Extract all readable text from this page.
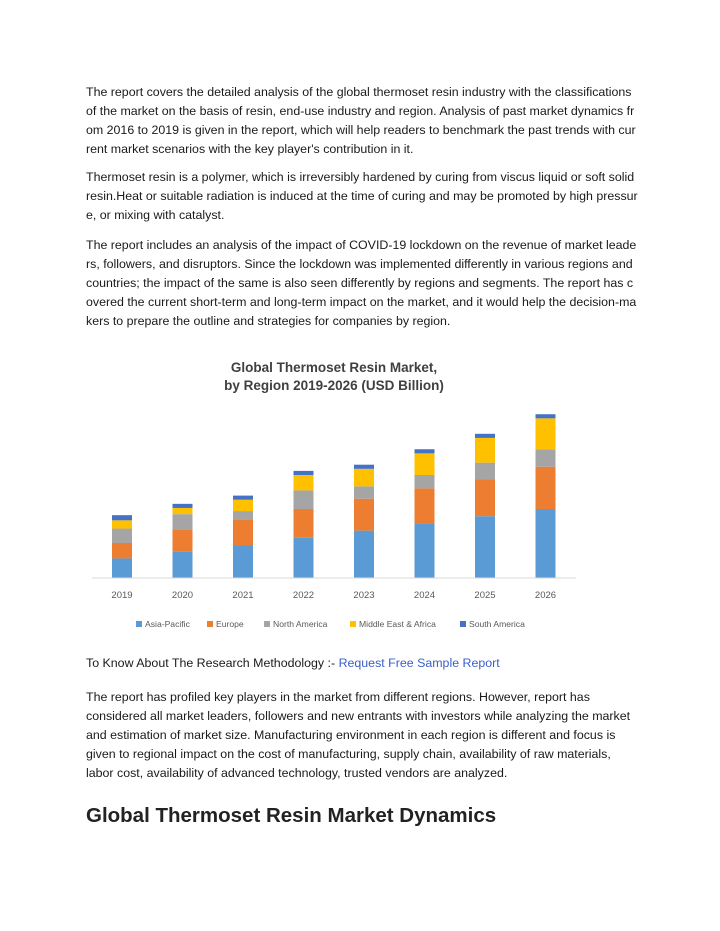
The report covers the detailed analysis of the global thermoset resin industry with the classifications of the market on the basis of resin, end-use industry and region. Analysis of past market dynamics from 2016 to 2019 is given in the report, which will help readers to benchmark the past trends with current market scenarios with the key player's contribution in it.

Thermoset resin is a polymer, which is irreversibly hardened by curing from viscus liquid or soft solid resin.Heat or suitable radiation is induced at the time of curing and may be promoted by high pressure, or mixing with catalyst.

The report includes an analysis of the impact of COVID-19 lockdown on the revenue of market leaders, followers, and disruptors. Since the lockdown was implemented differently in various regions and countries; the impact of the same is also seen differently by regions and segments. The report has covered the current short-term and long-term impact on the market, and it would help the decision-makers to prepare the outline and strategies for companies by region.

Global Thermoset Resin Market,
by Region 2019-2026 (USD Billion)
2019	2020	2021	2022	2023	2024	2025	2026
Asia-Pacific	Europe	North America	Middle East & Africa	South America
To Know About The Research Methodology :- Request Free Sample Report

The report has profiled key players in the market from different regions. However, report has considered all market leaders, followers and new entrants with investors while analyzing the market and estimation of market size. Manufacturing environment in each region is different and focus is given to regional impact on the cost of manufacturing, supply chain, availability of raw materials, labor cost, availability of advanced technology, trusted vendors are analyzed.

Global Thermoset Resin Market Dynamics
